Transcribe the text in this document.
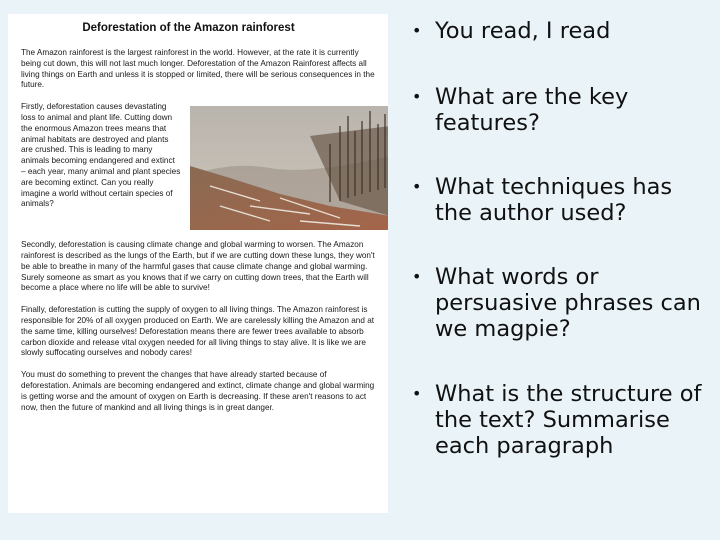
Deforestation of the Amazon rainforest

The Amazon rainforest is the largest rainforest in the world. However, at the rate it is currently being cut down, this will not last much longer. Deforestation of the Amazon Rainforest affects all living things on Earth and unless it is stopped or limited, there will be serious consequences in the future.

Firstly, deforestation causes devastating loss to animal and plant life. Cutting down the enormous Amazon trees means that animal habitats are destroyed and plants are crushed. This is leading to many animals becoming endangered and extinct – each year, many animal and plant species are becoming extinct. Can you really imagine a world without certain species of animals?

Secondly, deforestation is causing climate change and global warming to worsen. The Amazon rainforest is described as the lungs of the Earth, but if we are cutting down these lungs, they won't be able to breathe in many of the harmful gases that cause climate change and global warming. Surely someone as smart as you knows that if we carry on cutting down trees, that the Earth will become a place where no life will be able to survive!

Finally, deforestation is cutting the supply of oxygen to all living things. The Amazon rainforest is responsible for 20% of all oxygen produced on Earth. We are carelessly killing the Amazon and at the same time, killing ourselves! Deforestation means there are fewer trees available to absorb carbon dioxide and release vital oxygen needed for all living things to stay alive. It is like we are slowly suffocating ourselves and nobody cares!

You must do something to prevent the changes that have already started because of deforestation. Animals are becoming endangered and extinct, climate change and global warming is getting worse and the amount of oxygen on Earth is decreasing. If these aren't reasons to act now, then the future of mankind and all living things is in great danger.

• You read, I read
• What are the key features?
• What techniques has the author used?
• What words or persuasive phrases can we magpie?
• What is the structure of the text? Summarise each paragraph
